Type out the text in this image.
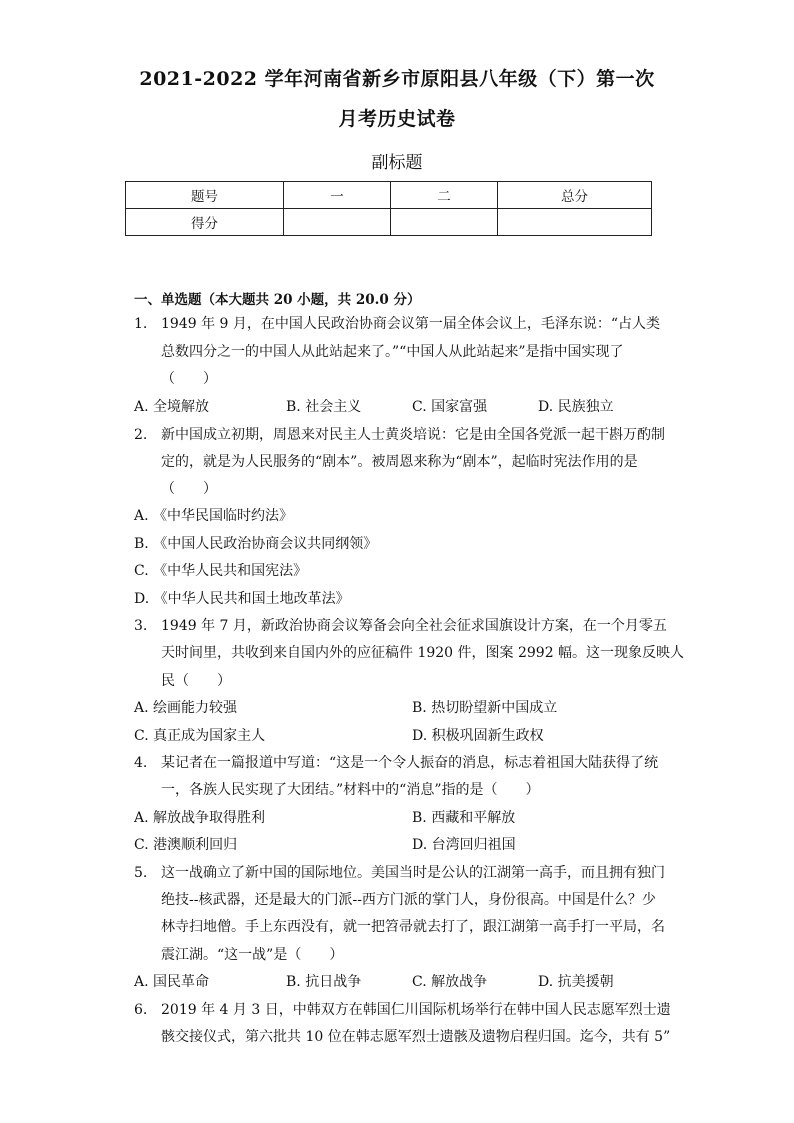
2021-2022 学年河南省新乡市原阳县八年级（下）第一次
月考历史试卷
副标题
题号	一	二	总分
得分			
一、单选题（本大题共 20 小题，共 20.0 分）
1. 1949 年 9 月，在中国人民政治协商会议第一届全体会议上，毛泽东说：“占人类
总数四分之一的中国人从此站起来了。”“中国人从此站起来”是指中国实现了
（　　）
A. 全境解放	B. 社会主义	C. 国家富强	D. 民族独立
2. 新中国成立初期，周恩来对民主人士黄炎培说：它是由全国各党派一起干斟万酌制
定的，就是为人民服务的“剧本”。被周恩来称为“剧本”，起临时宪法作用的是
（　　）
A. 《中华民国临时约法》
B. 《中国人民政治协商会议共同纲领》
C. 《中华人民共和国宪法》
D. 《中华人民共和国土地改革法》
3. 1949 年 7 月，新政治协商会议筹备会向全社会征求国旗设计方案，在一个月零五
天时间里，共收到来自国内外的应征稿件 1920 件，图案 2992 幅。这一现象反映人
民（　　）
A. 绘画能力较强	B. 热切盼望新中国成立
C. 真正成为国家主人	D. 积极巩固新生政权
4. 某记者在一篇报道中写道：“这是一个令人振奋的消息，标志着祖国大陆获得了统
一，各族人民实现了大团结。”材料中的“消息”指的是（　　）
A. 解放战争取得胜利	B. 西藏和平解放
C. 港澳顺利回归	D. 台湾回归祖国
5. 这一战确立了新中国的国际地位。美国当时是公认的江湖第一高手，而且拥有独门
绝技--核武器，还是最大的门派--西方门派的掌门人，身份很高。中国是什么？少
林寺扫地僧。手上东西没有，就一把笤帚就去打了，跟江湖第一高手打一平局，名
震江湖。“这一战”是（　　）
A. 国民革命	B. 抗日战争	C. 解放战争	D. 抗美援朝
6. 2019 年 4 月 3 日，中韩双方在韩国仁川国际机场举行在韩中国人民志愿军烈士遗
骸交接仪式，第六批共 10 位在韩志愿军烈士遗骸及遗物启程归国。迄今，共有 5”
